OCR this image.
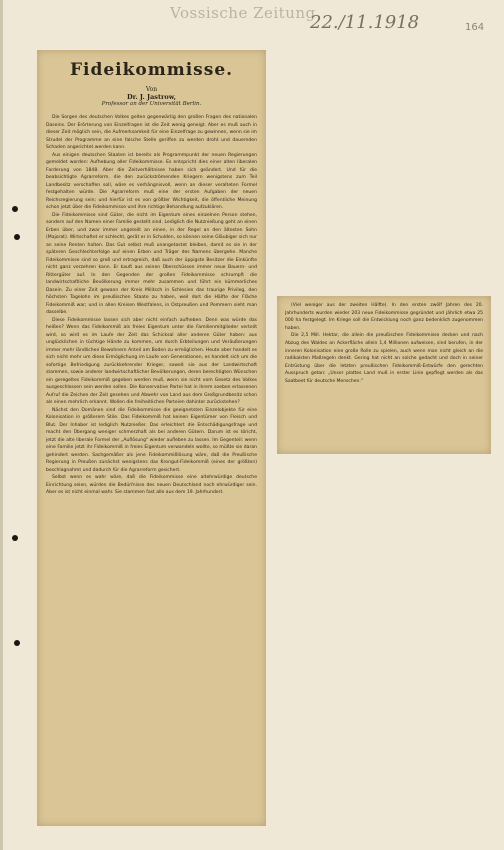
Vossische Zeitung
22./11.1918	164
Fideikommisse.
Von
Dr. J. Jastrow,
Professor an der Universität Berlin.

Die Sorgen des deutschen Volkes gelten gegenwärtig den großen Fragen des nationalen Daseins. Der Erörterung von Einzelfragen ist die Zeit wenig geneigt. Aber es muß auch in dieser Zeit möglich sein, die Aufmerksamkeit für eine Einzelfrage zu gewinnen, wenn sie im Strudel der Programme an eine falsche Stelle geriffen zu werden droht und dauernden Schaden angerichtet werden kann.

Aus einigen deutschen Staaten ist bereits als Programmpunkt der neuen Regierungen gemeldet worden: Aufhebung aller Fideikommisse. Es entspricht dies einer alten liberalen Forderung von 1848. Aber die Zeitverhältnisse haben sich geändert. Und für die beabsichtigte Agrarreform, die den zurückströmenden Kriegern wenigstens zum Teil Landbesitz verschaffen soll, wäre es verhängnisvoll, wenn an dieser veralteten Formel festgehalten würde. Die Agrarreform muß eine der ersten Aufgaben der neuen Reichsregierung sein; und hierfür ist es von größter Wichtigkeit, die öffentliche Meinung schon jetzt über die Fideikommisse und ihre richtige Behandlung aufzuklären.

Die Fideikommisse sind Güter, die nicht im Eigentum eines einzelnen Person stehen, sondern auf den Namen einer Familie gestellt sind. Lediglich die Nutznießung geht an einen Erben über, und zwar immer ungeteilt an einen, in der Regel an den ältesten Sohn (Majorat). Wirtschaftet er schlecht, gerät er in Schulden, so können seine Gläubiger sich nur an seine Renten halten. Das Gut selbst muß unangetastet bleiben, damit es sie in der späteren Geschlechterfolge auf einen Erben und Träger des Namens übergehe. Manche Fideikommisse sind so groß und ertragreich, daß auch der üppigste Besitzer die Einkünfte nicht ganz verzehren kann. Er kauft aus seinen Überschüssen immer neue Bauern- und Rittergüter auf. In den Gegenden der großen Fideikommisse schrumpft die landwirtschaftliche Bevölkerung immer mehr zusammen und führt ein kümmerliches Dasein. Zu einer Zeit gewann der Kreis Militsch in Schlesien das traurige Privileg, den höchsten Tagelohn im preußischen Staate zu haben, weil dort die Hälfte der Fläche Fideikommiß war; und in allen Kreisen Westfalens, in Ostpreußen und Pommern sieht man dasselbe.

Diese Fideikommisse lassen sich aber nicht einfach aufheben. Denn was würde das heißen? Wenn das Fideikommiß als freies Eigentum unter die Familienmitglieder verteilt wird, so wird es im Laufe der Zeit das Schicksal aller anderen Güter haben: aus unglücklichen in tüchtige Hände zu kommen, um durch Erbteilungen und Veräußerungen immer mehr ländlichen Bewohnern Anteil am Boden zu ermöglichen. Heute aber handelt es sich nicht mehr um diese Ermöglichung im Laufe von Generationen, es handelt sich um die sofortige Befriedigung zurückkehrender Krieger, soweit sie aus der Landwirtschaft stammen, sowie anderer landwirtschaftlicher Bevölkerungen, deren berechtigten Wünschen ein geregeltes Fideikommiß gegeben werden muß, wenn sie nicht vom Gesetz des Volkes ausgeschlossen sein werden sollen. Die Konservative Partei hat in ihrem soeben erlassenen Aufruf die Zeichen der Zeit gesehen und Abwehr von Land aus dem Großgrundbesitz schon als einen mehrlich erkannt. Wollen die freiheitlichen Parteien dahinter zurückstehen?

Nächst den Domänen sind die Fideikommisse die geeignetsten Einzelobjekte für eine Kolonisation in größerem Stile. Das Fideikommiß hat keinen Eigentümer von Fleisch und Blut. Der Inhaber ist lediglich Nutznießer. Das erleichtert die Entschädigungsfrage und macht den Übergang weniger schmerzhaft als bei anderen Gütern. Darum ist es töricht, jetzt die alte liberale Formel der „Auflösung" wieder aufleben zu lassen. Im Gegenteil: wenn eine Familie jetzt ihr Fideikommiß in freies Eigentum verwandeln wollte, so müßte sie daran gehindert werden. Sachgemäßer als jene Fideikommißlösung wäre, daß die Preußische Regierung in Preußen zunächst wenigstens das Krongut-Fideikommiß (eines der größten) beschlagnahmt und dadurch für die Agrarreform gesichert.

Selbst wenn es wahr wäre, daß die Fideikommisse eine altehrwürdige deutsche Einrichtung seien, würden die Bedürfnisse des neuen Deutschland noch ehrwürdiger sein. Aber es ist nicht einmal wahr. Sie stammen fast alle aus dem 19. Jahrhundert.

(Viel weniger aus der zweiten Hälfte). In den ersten zwölf Jahren des 20. Jahrhunderts wurden wieder 203 neue Fideikommisse gegründet und jährlich etwa 25 000 ha festgelegt. Im Kriege soll die Entwicklung noch ganz bedenklich zugenommen haben.

Die 2,5 Mill. Hektar, die allein die preußischen Fideikommisse decken und nach Abzug des Waldes an Ackerfläche allein 1,4 Millionen aufweisen, sind berufen, in der inneren Kolonisation eine große Rolle zu spielen, auch wenn man nicht gleich an die radikalsten Maßregeln denkt. Gering hat nicht an solche gedacht und doch in seiner Entrüstung über die letzten preußischen Fideikommiß-Entwürfe den gerechten Ausspruch getan: „Unser plattes Land muß in erster Linie gepflegt werden als das Saatbeet für deutsche Menschen."
